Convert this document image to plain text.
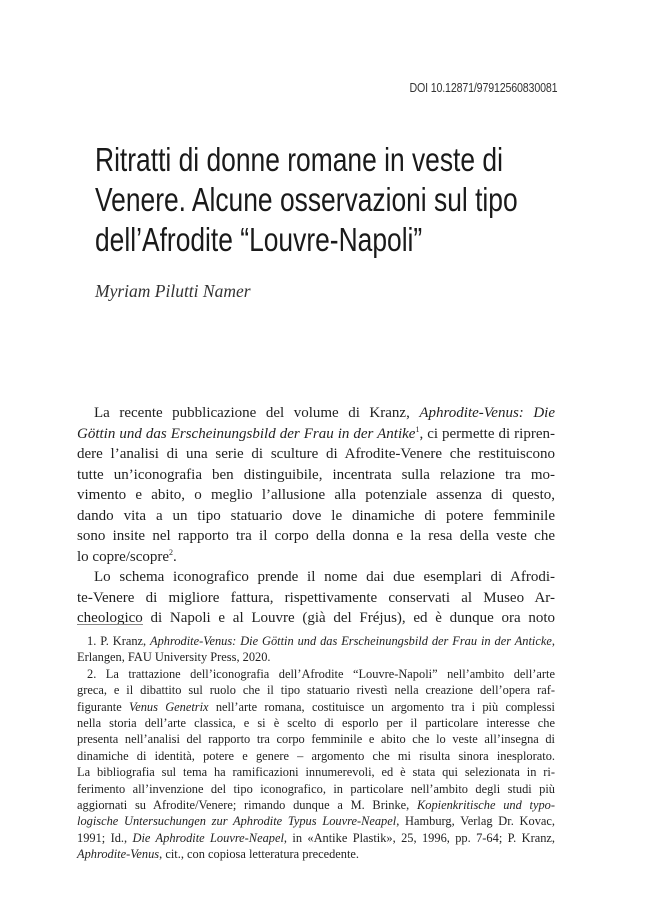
DOI 10.12871/97912560830081
Ritratti di donne romane in veste di
Venere. Alcune osservazioni sul tipo
dell’Afrodite “Louvre-Napoli”
Myriam Pilutti Namer
La recente pubblicazione del volume di Kranz, Aphrodite-Venus: Die
Göttin und das Erscheinungsbild der Frau in der Antike$^1$, ci permette di ripren-
dere l’analisi di una serie di sculture di Afrodite-Venere che restituiscono
tutte un’iconografia ben distinguibile, incentrata sulla relazione tra mo-
vimento e abito, o meglio l’allusione alla potenziale assenza di questo,
dando vita a un tipo statuario dove le dinamiche di potere femminile
sono insite nel rapporto tra il corpo della donna e la resa della veste che
lo copre/scopre$^2$.
Lo schema iconografico prende il nome dai due esemplari di Afrodi-
te-Venere di migliore fattura, rispettivamente conservati al Museo Ar-
cheologico di Napoli e al Louvre (già del Fréjus), ed è dunque ora noto
1. P. Kranz, Aphrodite-Venus: Die Göttin und das Erscheinungsbild der Frau in der Anticke,
Erlangen, FAU University Press, 2020.
2. La trattazione dell’iconografia dell’Afrodite “Louvre-Napoli” nell’ambito dell’arte
greca, e il dibattito sul ruolo che il tipo statuario rivestì nella creazione dell’opera raf-
figurante Venus Genetrix nell’arte romana, costituisce un argomento tra i più complessi
nella storia dell’arte classica, e si è scelto di esporlo per il particolare interesse che
presenta nell’analisi del rapporto tra corpo femminile e abito che lo veste all’insegna di
dinamiche di identità, potere e genere – argomento che mi risulta sinora inesplorato.
La bibliografia sul tema ha ramificazioni innumerevoli, ed è stata qui selezionata in ri-
ferimento all’invenzione del tipo iconografico, in particolare nell’ambito degli studi più
aggiornati su Afrodite/Venere; rimando dunque a M. Brinke, Kopienkritische und typo-
logische Untersuchungen zur Aphrodite Typus Louvre-Neapel, Hamburg, Verlag Dr. Kovac,
1991; Id., Die Aphrodite Louvre-Neapel, in «Antike Plastik», 25, 1996, pp. 7-64; P. Kranz,
Aphrodite-Venus, cit., con copiosa letteratura precedente.
